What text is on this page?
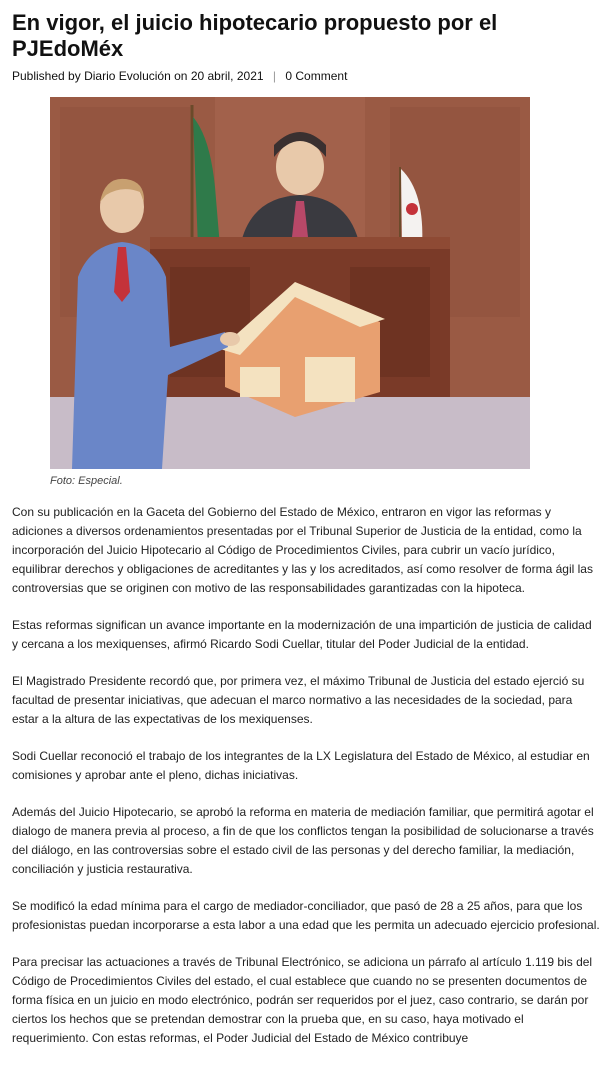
En vigor, el juicio hipotecario propuesto por el PJEdoMéx
Published by Diario Evolución on 20 abril, 2021 | 0 Comment
Foto: Especial.

Con su publicación en la Gaceta del Gobierno del Estado de México, entraron en vigor las reformas y adiciones a diversos ordenamientos presentadas por el Tribunal Superior de Justicia de la entidad, como la incorporación del Juicio Hipotecario al Código de Procedimientos Civiles, para cubrir un vacío jurídico, equilibrar derechos y obligaciones de acreditantes y las y los acreditados, así como resolver de forma ágil las controversias que se originen con motivo de las responsabilidades garantizadas con la hipoteca.

Estas reformas significan un avance importante en la modernización de una impartición de justicia de calidad y cercana a los mexiquenses, afirmó Ricardo Sodi Cuellar, titular del Poder Judicial de la entidad.

El Magistrado Presidente recordó que, por primera vez, el máximo Tribunal de Justicia del estado ejerció su facultad de presentar iniciativas, que adecuan el marco normativo a las necesidades de la sociedad, para estar a la altura de las expectativas de los mexiquenses.

Sodi Cuellar reconoció el trabajo de los integrantes de la LX Legislatura del Estado de México, al estudiar en comisiones y aprobar ante el pleno, dichas iniciativas.

Además del Juicio Hipotecario, se aprobó la reforma en materia de mediación familiar, que permitirá agotar el dialogo de manera previa al proceso, a fin de que los conflictos tengan la posibilidad de solucionarse a través del diálogo, en las controversias sobre el estado civil de las personas y del derecho familiar, la mediación, conciliación y justicia restaurativa.

Se modificó la edad mínima para el cargo de mediador-conciliador, que pasó de 28 a 25 años, para que los profesionistas puedan incorporarse a esta labor a una edad que les permita un adecuado ejercicio profesional.

Para precisar las actuaciones a través de Tribunal Electrónico, se adiciona un párrafo al artículo 1.119 bis del Código de Procedimientos Civiles del estado, el cual establece que cuando no se presenten documentos de forma física en un juicio en modo electrónico, podrán ser requeridos por el juez, caso contrario, se darán por ciertos los hechos que se pretendan demostrar con la prueba que, en su caso, haya motivado el requerimiento. Con estas reformas, el Poder Judicial del Estado de México contribuye
